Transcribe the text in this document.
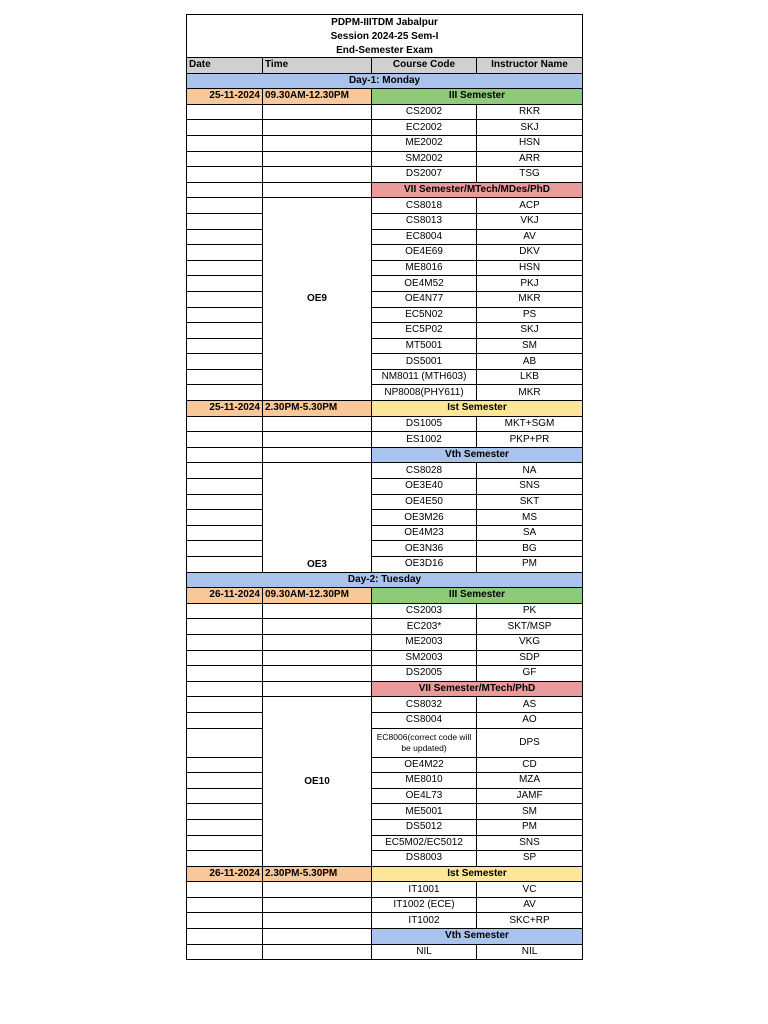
PDPM-IIITDM Jabalpur			
Session 2024-25 Sem-I			
End-Semester Exam			
Date	Time	Course Code	Instructor Name
Day-1: Monday			
25-11-2024	09.30AM-12.30PM	III Semester	
		CS2002	RKR
		EC2002	SKJ
		ME2002	HSN
		SM2002	ARR
		DS2007	TSG
		VII Semester/MTech/MDes/PhD	
	OE9	CS8018	ACP
		CS8013	VKJ
		EC8004	AV
		OE4E69	DKV
		ME8016	HSN
		OE4M52	PKJ
		OE4N77	MKR
		EC5N02	PS
		EC5P02	SKJ
		MT5001	SM
		DS5001	AB
		NM8011 (MTH603)	LKB
		NP8008(PHY611)	MKR
25-11-2024	2.30PM-5.30PM	Ist Semester	
		DS1005	MKT+SGM
		ES1002	PKP+PR
		Vth Semester	
	OE3	CS8028	NA
		OE3E40	SNS
		OE4E50	SKT
		OE3M26	MS
		OE4M23	SA
		OE3N36	BG
		OE3D16	PM
Day-2: Tuesday			
26-11-2024	09.30AM-12.30PM	III Semester	
		CS2003	PK
		EC203*	SKT/MSP
		ME2003	VKG
		SM2003	SDP
		DS2005	GF
		VII Semester/MTech/PhD	
	OE10	CS8032	AS
		CS8004	AO
		EC8006(correct code will be updated)	DPS
		OE4M22	CD
		ME8010	MZA
		OE4L73	JAMF
		ME5001	SM
		DS5012	PM
		EC5M02/EC5012	SNS
		DS8003	SP
26-11-2024	2.30PM-5.30PM	Ist Semester	
		IT1001	VC
		IT1002 (ECE)	AV
		IT1002	SKC+RP
		Vth Semester	
		NIL	NIL
